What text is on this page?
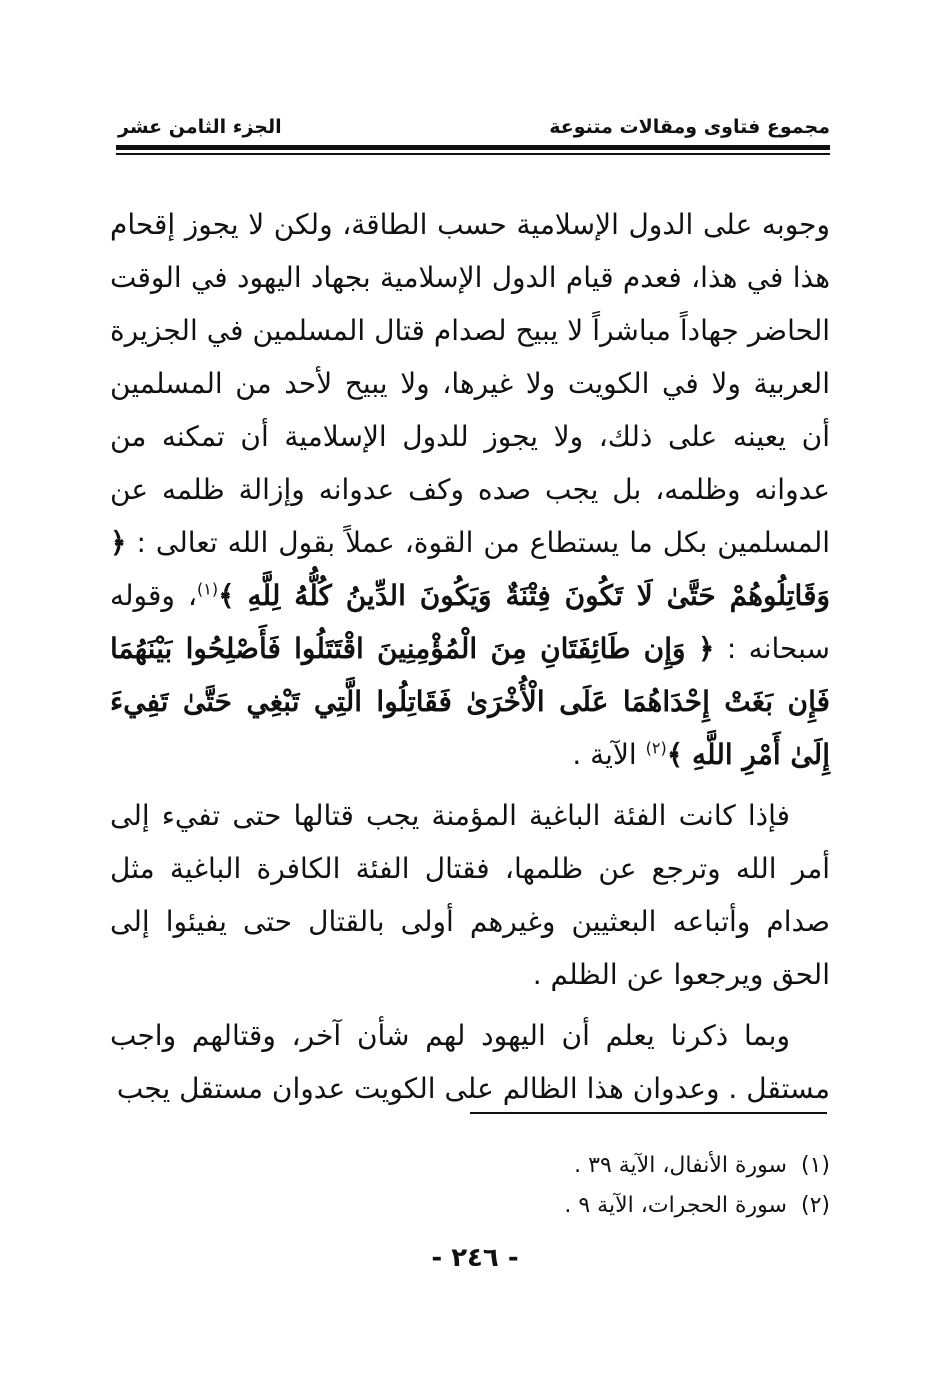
مجموع فتاوى ومقالات متنوعة
الجزء الثامن عشر

وجوبه على الدول الإسلامية حسب الطاقة، ولكن لا يجوز إقحام هذا في هذا، فعدم قيام الدول الإسلامية بجهاد اليهود في الوقت الحاضر جهاداً مباشراً لا يبيح لصدام قتال المسلمين في الجزيرة العربية ولا في الكويت ولا غيرها، ولا يبيح لأحد من المسلمين أن يعينه على ذلك، ولا يجوز للدول الإسلامية أن تمكنه من عدوانه وظلمه، بل يجب صده وكف عدوانه وإزالة ظلمه عن المسلمين بكل ما يستطاع من القوة، عملاً بقول الله تعالى : ﴿ وَقَاتِلُوهُمْ حَتَّىٰ لَا تَكُونَ فِتْنَةٌ وَيَكُونَ الدِّينُ كُلُّهُ لِلَّهِ ﴾$^{(١)}$، وقوله سبحانه : ﴿ وَإِن طَائِفَتَانِ مِنَ الْمُؤْمِنِينَ اقْتَتَلُوا فَأَصْلِحُوا بَيْنَهُمَا فَإِن بَغَتْ إِحْدَاهُمَا عَلَى الْأُخْرَىٰ فَقَاتِلُوا الَّتِي تَبْغِي حَتَّىٰ تَفِيءَ إِلَىٰ أَمْرِ اللَّهِ ﴾$^{(٢)}$ الآية .

فإذا كانت الفئة الباغية المؤمنة يجب قتالها حتى تفيء إلى أمر الله وترجع عن ظلمها، فقتال الفئة الكافرة الباغية مثل صدام وأتباعه البعثيين وغيرهم أولى بالقتال حتى يفيئوا إلى الحق ويرجعوا عن الظلم .

وبما ذكرنا يعلم أن اليهود لهم شأن آخر، وقتالهم واجب مستقل . وعدوان هذا الظالم على الكويت عدوان مستقل يجب

(١)سورة الأنفال، الآية ٣٩ .
(٢)سورة الحجرات، الآية ٩ .
- ٢٤٦ -
